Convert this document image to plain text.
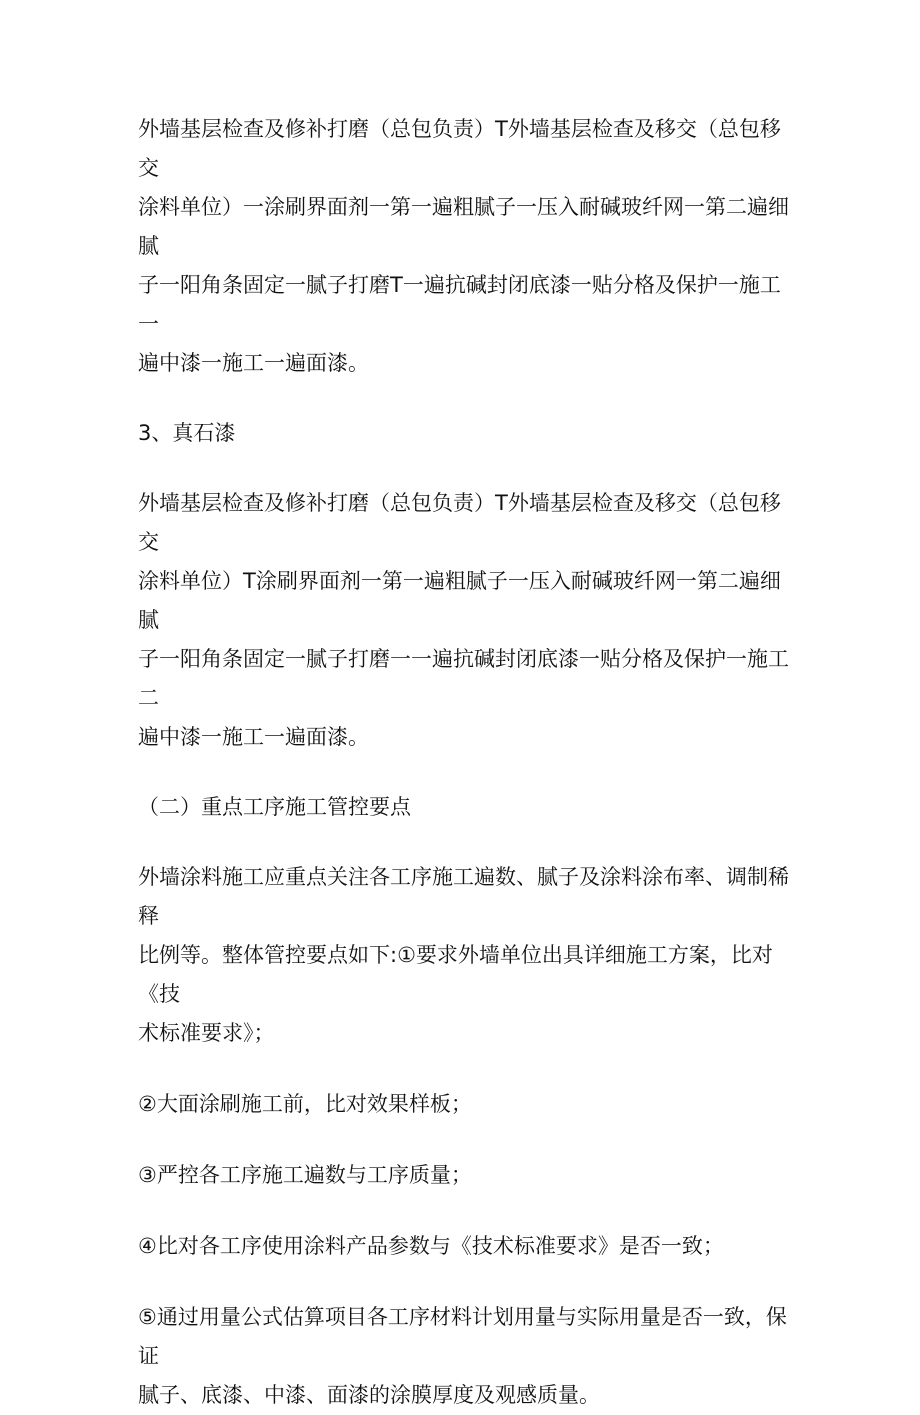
外墙基层检查及修补打磨（总包负责）T外墙基层检查及移交（总包移交
涂料单位）一涂刷界面剂一第一遍粗腻子一压入耐碱玻纤网一第二遍细腻
子一阳角条固定一腻子打磨T一遍抗碱封闭底漆一贴分格及保护一施工一
遍中漆一施工一遍面漆。

3、真石漆

外墙基层检查及修补打磨（总包负责）T外墙基层检查及移交（总包移交
涂料单位）T涂刷界面剂一第一遍粗腻子一压入耐碱玻纤网一第二遍细腻
子一阳角条固定一腻子打磨一一遍抗碱封闭底漆一贴分格及保护一施工二
遍中漆一施工一遍面漆。

（二）重点工序施工管控要点

外墙涂料施工应重点关注各工序施工遍数、腻子及涂料涂布率、调制稀释
比例等。整体管控要点如下:①要求外墙单位出具详细施工方案，比对《技
术标准要求》；

②大面涂刷施工前，比对效果样板；

③严控各工序施工遍数与工序质量；

④比对各工序使用涂料产品参数与《技术标准要求》是否一致；

⑤通过用量公式估算项目各工序材料计划用量与实际用量是否一致，保证
腻子、底漆、中漆、面漆的涂膜厚度及观感质量。
